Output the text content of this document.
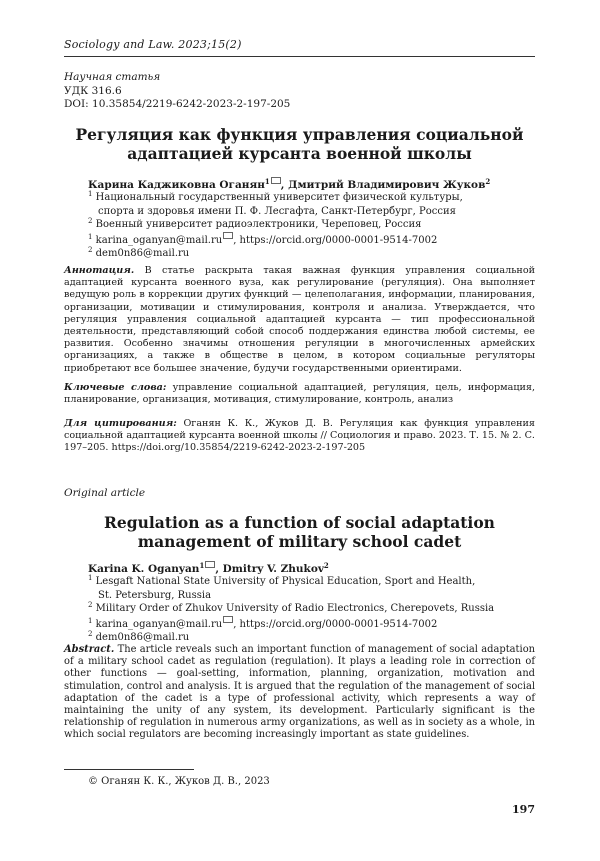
Sociology and Law. 2023;15(2)
Научная статья
УДК 316.6
DOI: 10.35854/2219-6242-2023-2-197-205
Регуляция как функция управления социальной
адаптацией курсанта военной школы
Карина Каджиковна Оганян$^1$ , Дмитрий Владимирович Жуков$^2$
$^1$ Национальный государственный университет физической культуры,
спорта и здоровья имени П. Ф. Лесгафта, Санкт-Петербург, Россия
$^2$ Военный университет радиоэлектроники, Череповец, Россия
$^1$ karina_oganyan@mail.ru , https://orcid.org/0000-0001-9514-7002
$^2$ dem0n86@mail.ru
Аннотация. В статье раскрыта такая важная функция управления социальной адаптацией курсанта военного вуза, как регулирование (регуляция). Она выполняет ведущую роль в коррекции других функций — целеполагания, информации, планирования, организации, мотивации и стимулирования, контроля и анализа. Утверждается, что регуляция управления социальной адаптацией курсанта — тип профессиональной деятельности, представляющий собой способ поддержания единства любой системы, ее развития. Особенно значимы отношения регуляции в многочисленных армейских организациях, а также в обществе в целом, в котором социальные регуляторы приобретают все большее значение, будучи государственными ориентирами.
Ключевые слова: управление социальной адаптацией, регуляция, цель, информация, планирование, организация, мотивация, стимулирование, контроль, анализ
Для цитирования: Оганян К. К., Жуков Д. В. Регуляция как функция управления социальной адаптацией курсанта военной школы // Социология и право. 2023. Т. 15. № 2. С. 197–205. https://doi.org/10.35854/2219-6242-2023-2-197-205
Original article
Regulation as a function of social adaptation
management of military school cadet
Karina K. Oganyan$^1$ , Dmitry V. Zhukov$^2$
$^1$ Lesgaft National State University of Physical Education, Sport and Health,
St. Petersburg, Russia
$^2$ Military Order of Zhukov University of Radio Electronics, Cherepovets, Russia
$^1$ karina_oganyan@mail.ru , https://orcid.org/0000-0001-9514-7002
$^2$ dem0n86@mail.ru
Abstract. The article reveals such an important function of management of social adaptation of a military school cadet as regulation (regulation). It plays a leading role in correction of other functions — goal-setting, information, planning, organization, motivation and stimulation, control and analysis. It is argued that the regulation of the management of social adaptation of the cadet is a type of professional activity, which represents a way of maintaining the unity of any system, its development. Particularly significant is the relationship of regulation in numerous army organizations, as well as in society as a whole, in which social regulators are becoming increasingly important as state guidelines.
© Оганян К. К., Жуков Д. В., 2023
197
